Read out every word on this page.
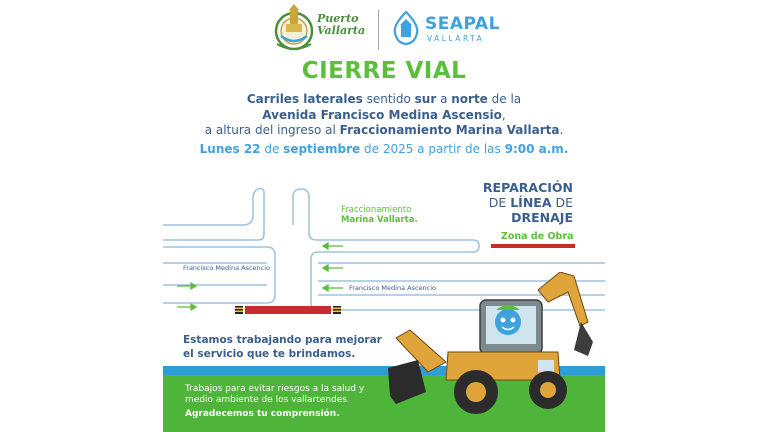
Puerto
Vallarta	SEAPAL
VALLARTA
CIERRE VIAL
Carriles laterales sentido sur a norte de la
Avenida Francisco Medina Ascensio,
a altura del ingreso al Fraccionamiento Marina Vallarta.
Lunes 22 de septiembre de 2025 a partir de las 9:00 a.m.
Francisco Medina Ascencio
Francisco Medina Ascencio
Fraccionamiento
Marina Vallarta.
REPARACIÓN
DE LÍNEA DE
DRENAJE
Zona de Obra
Estamos trabajando para mejorar el servicio que te brindamos.
Trabajos para evitar riesgos a la salud y
medio ambiente de los vallartendes.
Agradecemos tu comprensión.
